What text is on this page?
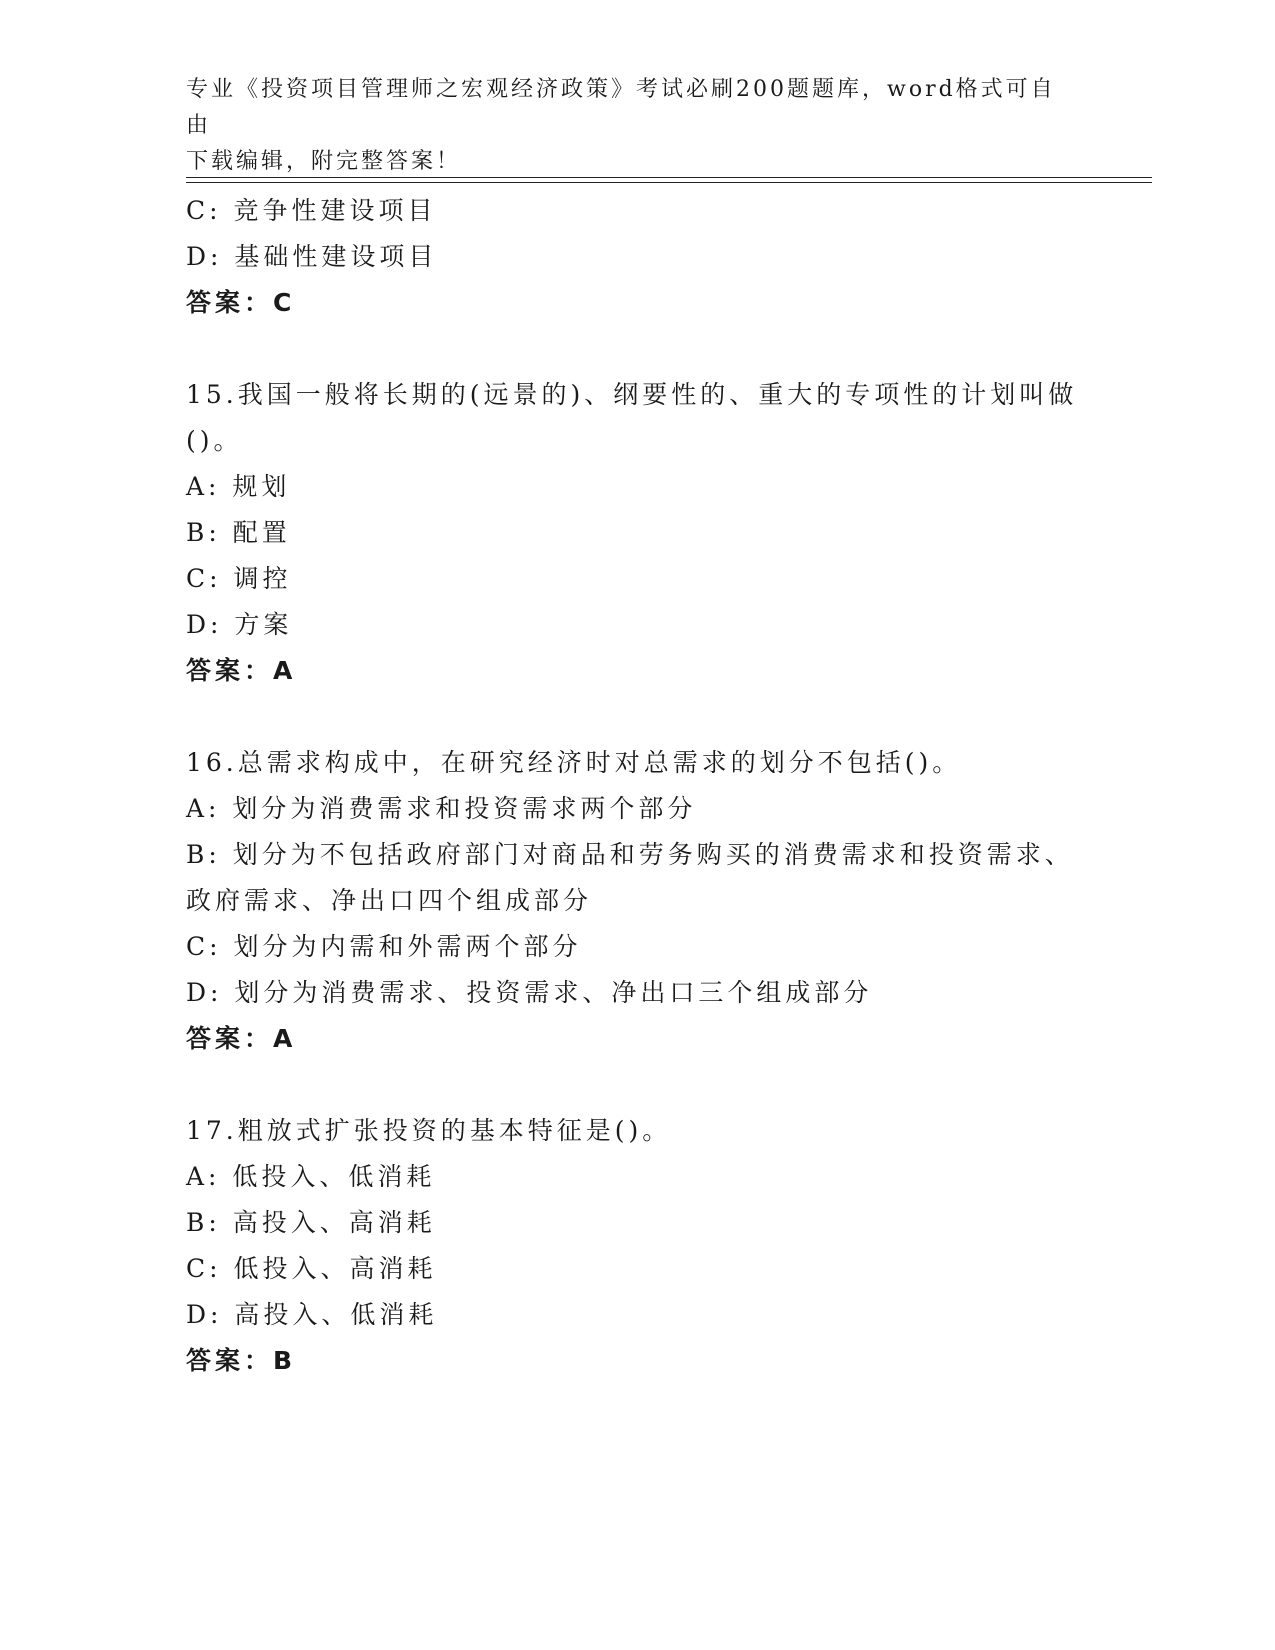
专业《投资项目管理师之宏观经济政策》考试必刷200题题库，word格式可自由
下载编辑，附完整答案！
C: 竞争性建设项目
D: 基础性建设项目
答案：C
15.我国一般将长期的(远景的)、纲要性的、重大的专项性的计划叫做
()。
A: 规划
B: 配置
C: 调控
D: 方案
答案：A
16.总需求构成中，在研究经济时对总需求的划分不包括()。
A: 划分为消费需求和投资需求两个部分
B: 划分为不包括政府部门对商品和劳务购买的消费需求和投资需求、
政府需求、净出口四个组成部分
C: 划分为内需和外需两个部分
D: 划分为消费需求、投资需求、净出口三个组成部分
答案：A
17.粗放式扩张投资的基本特征是()。
A: 低投入、低消耗
B: 高投入、高消耗
C: 低投入、高消耗
D: 高投入、低消耗
答案：B
